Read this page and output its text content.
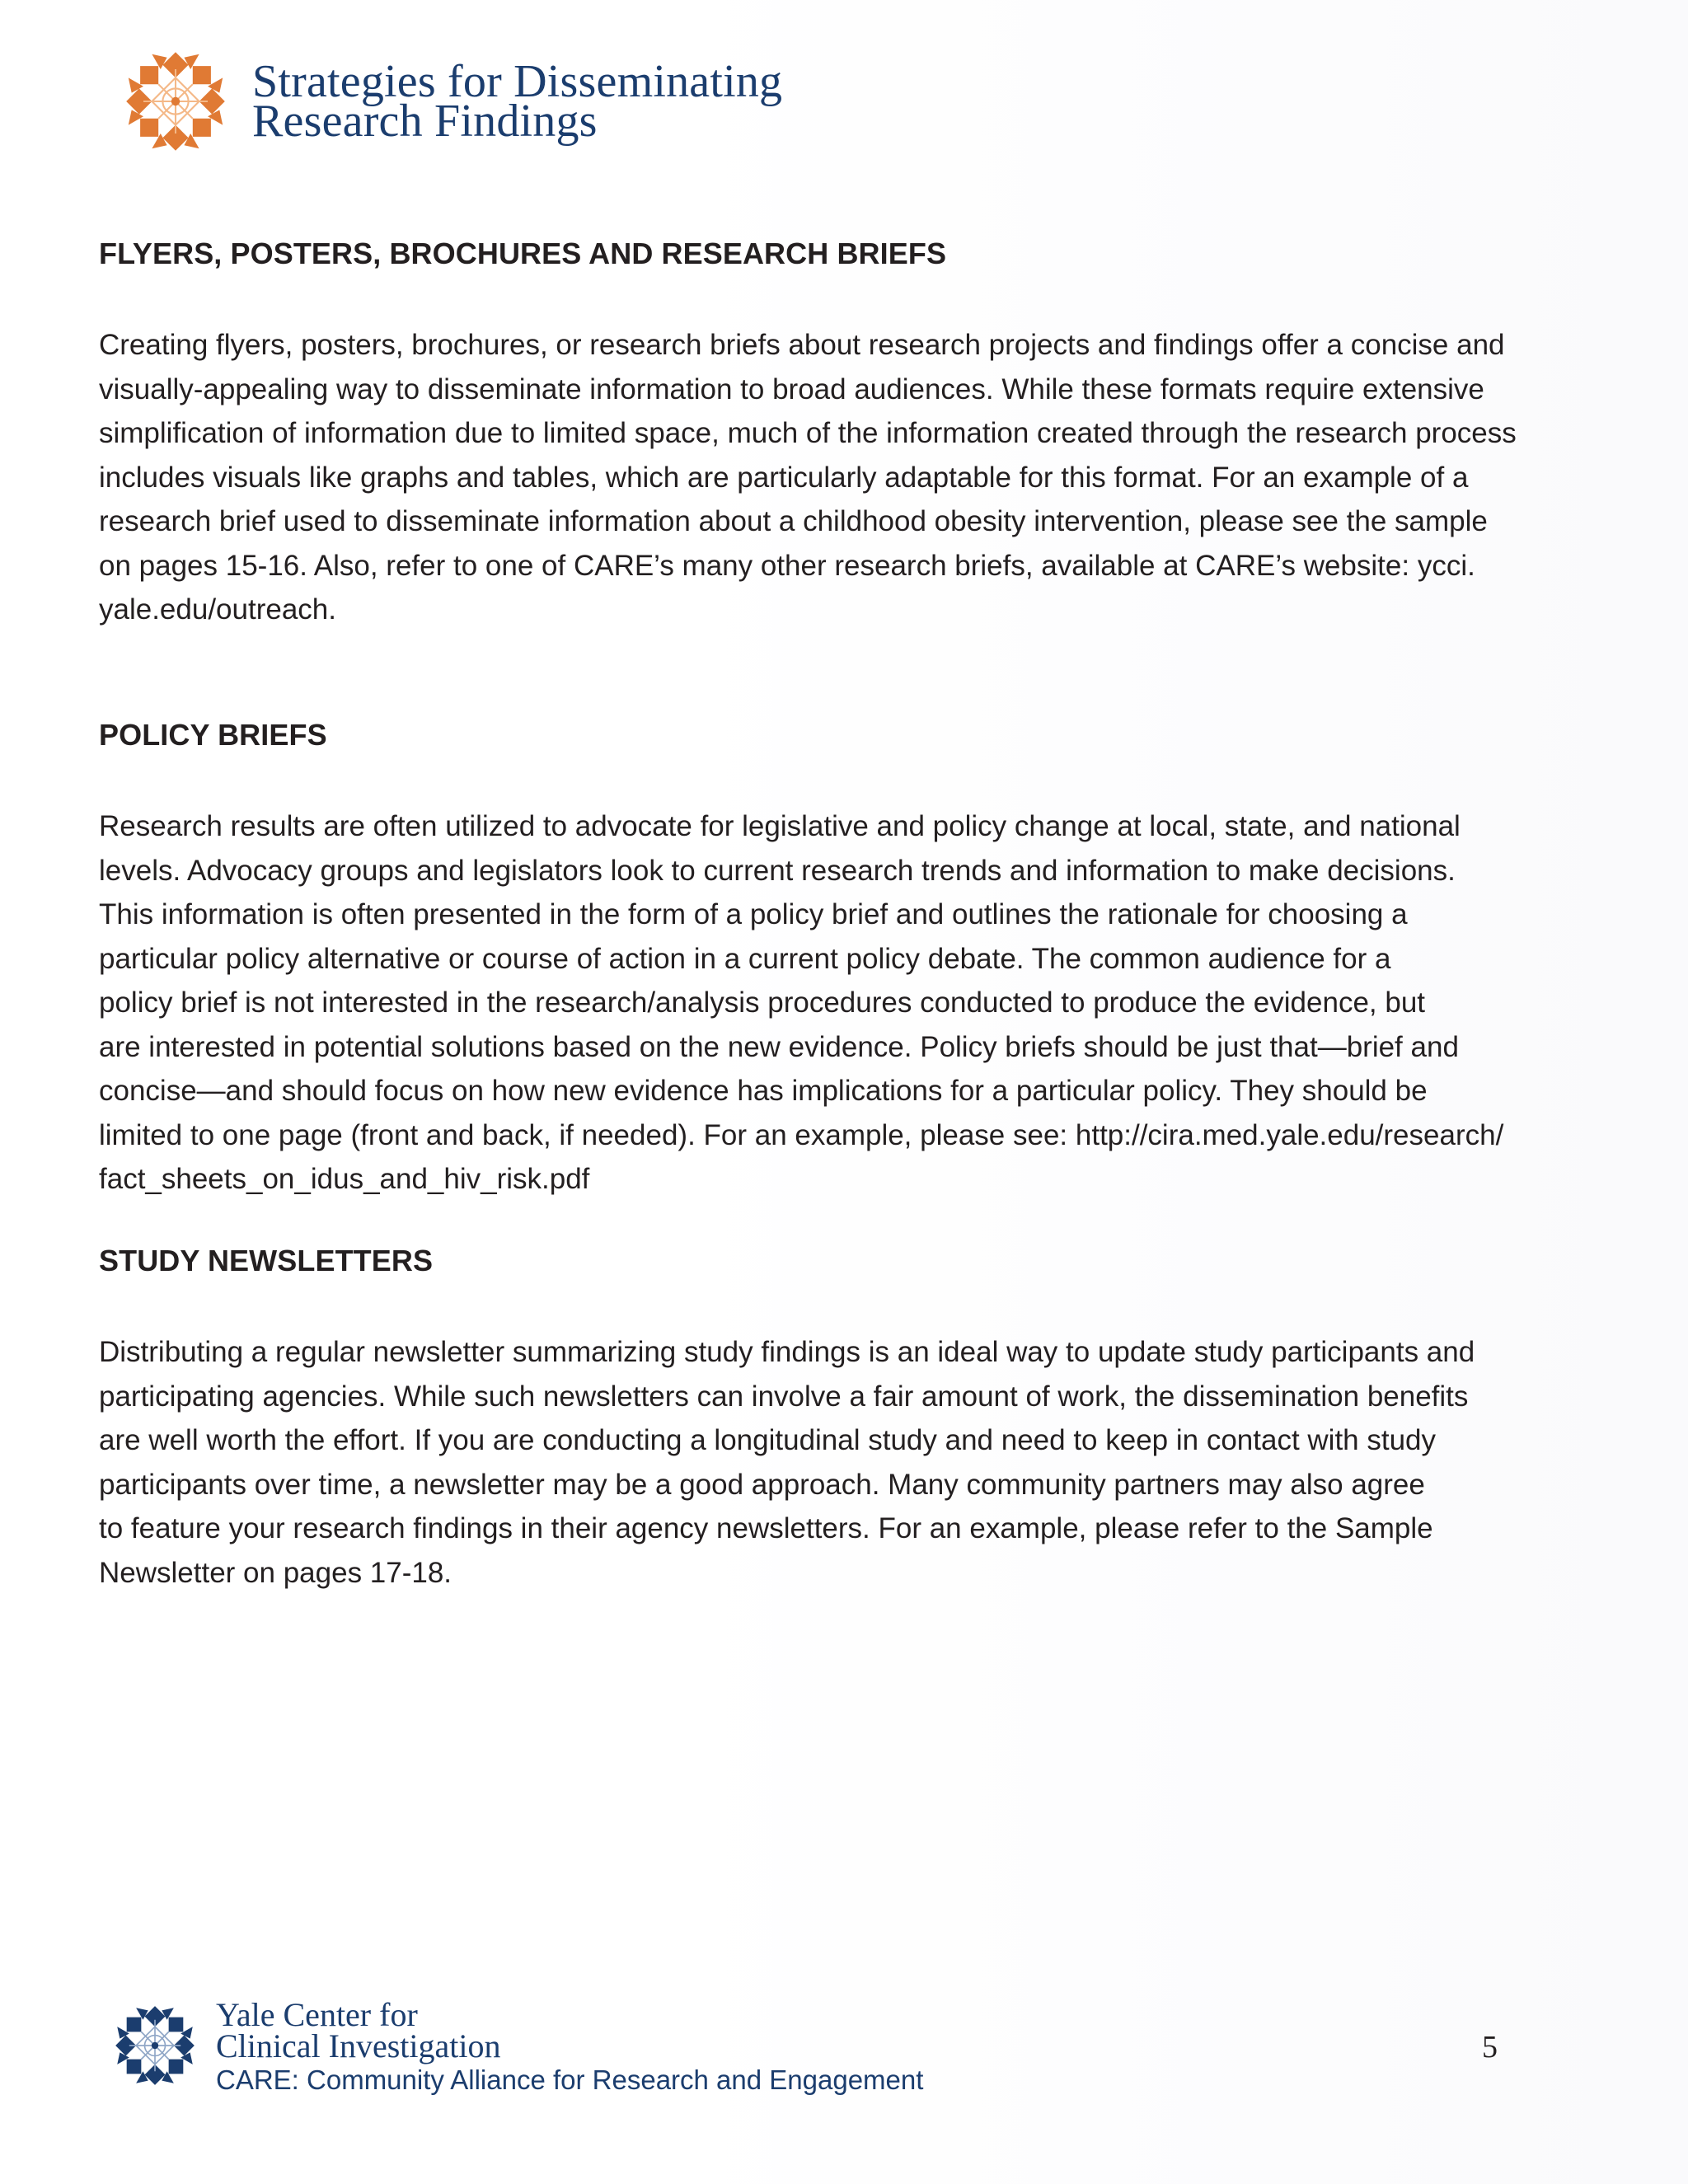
Strategies for Disseminating
Research Findings
FLYERS, POSTERS, BROCHURES AND RESEARCH BRIEFS

Creating flyers, posters, brochures, or research briefs about research projects and findings offer a concise and
visually-appealing way to disseminate information to broad audiences. While these formats require extensive
simplification of information due to limited space, much of the information created through the research process
includes visuals like graphs and tables, which are particularly adaptable for this format. For an example of a
research brief used to disseminate information about a childhood obesity intervention, please see the sample
on pages 15-16. Also, refer to one of CARE’s many other research briefs, available at CARE’s website: ycci.
yale.edu/outreach.

POLICY BRIEFS

Research results are often utilized to advocate for legislative and policy change at local, state, and national
levels. Advocacy groups and legislators look to current research trends and information to make decisions.
This information is often presented in the form of a policy brief and outlines the rationale for choosing a
particular policy alternative or course of action in a current policy debate. The common audience for a
policy brief is not interested in the research/analysis procedures conducted to produce the evidence, but
are interested in potential solutions based on the new evidence. Policy briefs should be just that—brief and
concise—and should focus on how new evidence has implications for a particular policy. They should be
limited to one page (front and back, if needed). For an example, please see: http://cira.med.yale.edu/research/
fact_sheets_on_idus_and_hiv_risk.pdf

STUDY NEWSLETTERS

Distributing a regular newsletter summarizing study findings is an ideal way to update study participants and
participating agencies. While such newsletters can involve a fair amount of work, the dissemination benefits
are well worth the effort. If you are conducting a longitudinal study and need to keep in contact with study
participants over time, a newsletter may be a good approach. Many community partners may also agree
to feature your research findings in their agency newsletters. For an example, please refer to the Sample
Newsletter on pages 17-18.

Yale Center for
Clinical Investigation
CARE: Community Alliance for Research and Engagement
5
